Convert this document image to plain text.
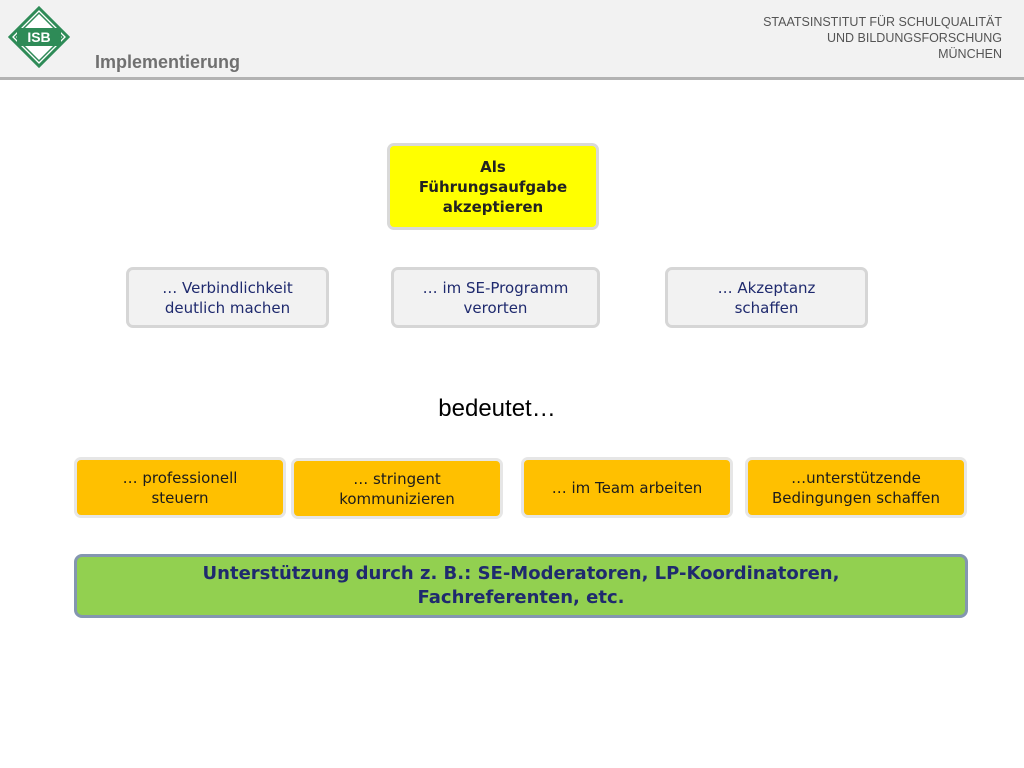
ISB
Implementierung
STAATSINSTITUT FÜR SCHULQUALITÄT
UND BILDUNGSFORSCHUNG
MÜNCHEN
Als
Führungsaufgabe
akzeptieren
… Verbindlichkeit
deutlich machen
… im SE-Programm
verorten
… Akzeptanz
schaffen
bedeutet…
… professionell
steuern
… stringent
kommunizieren
… im Team arbeiten
…unterstützende
Bedingungen schaffen
Unterstützung durch z. B.: SE-Moderatoren, LP-Koordinatoren,
Fachreferenten, etc.
